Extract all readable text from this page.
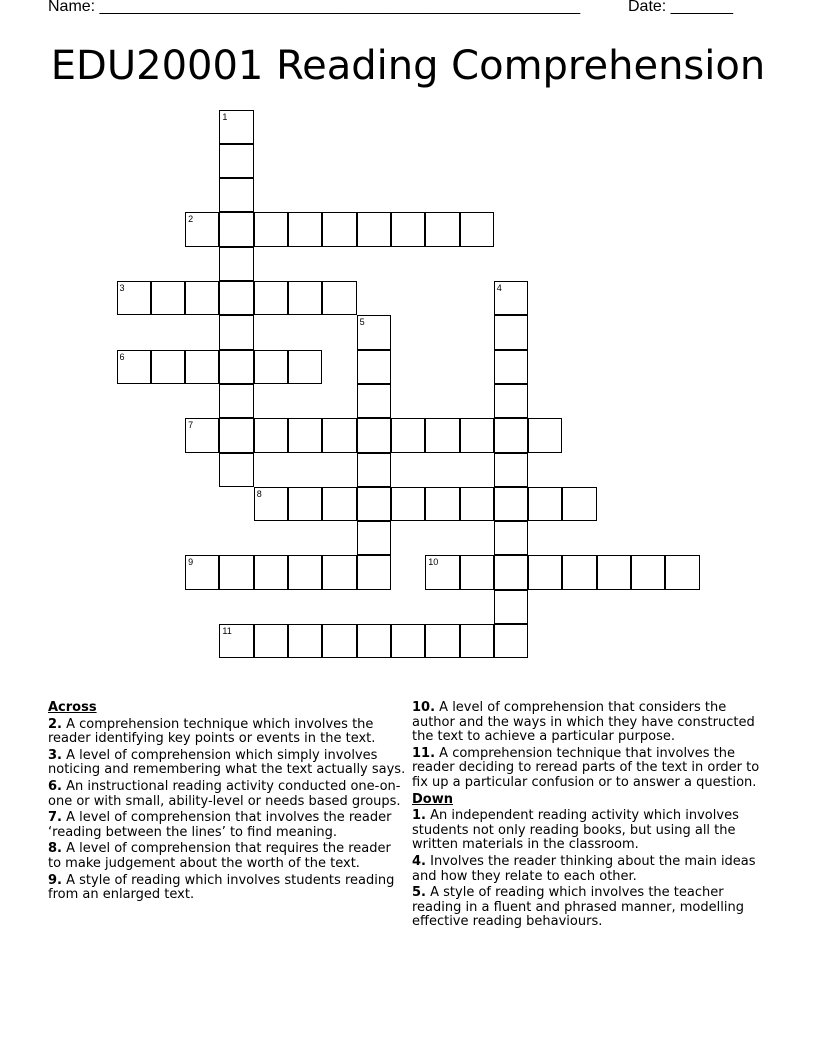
Name: ______________________________________________________	Date: _______
EDU20001 Reading Comprehension
1
2
3	4
5
6
7
8
9	10
11
Across
2. A comprehension technique which involves the reader identifying key points or events in the text.
3. A level of comprehension which simply involves noticing and remembering what the text actually says.
6. An instructional reading activity conducted one-on-one or with small, ability-level or needs based groups.
7. A level of comprehension that involves the reader ‘reading between the lines’ to find meaning.
8. A level of comprehension that requires the reader to make judgement about the worth of the text.
9. A style of reading which involves students reading from an enlarged text.
10. A level of comprehension that considers the author and the ways in which they have constructed the text to achieve a particular purpose.
11. A comprehension technique that involves the reader deciding to reread parts of the text in order to fix up a particular confusion or to answer a question.
Down
1. An independent reading activity which involves students not only reading books, but using all the written materials in the classroom.
4. Involves the reader thinking about the main ideas and how they relate to each other.
5. A style of reading which involves the teacher reading in a fluent and phrased manner, modelling effective reading behaviours.
